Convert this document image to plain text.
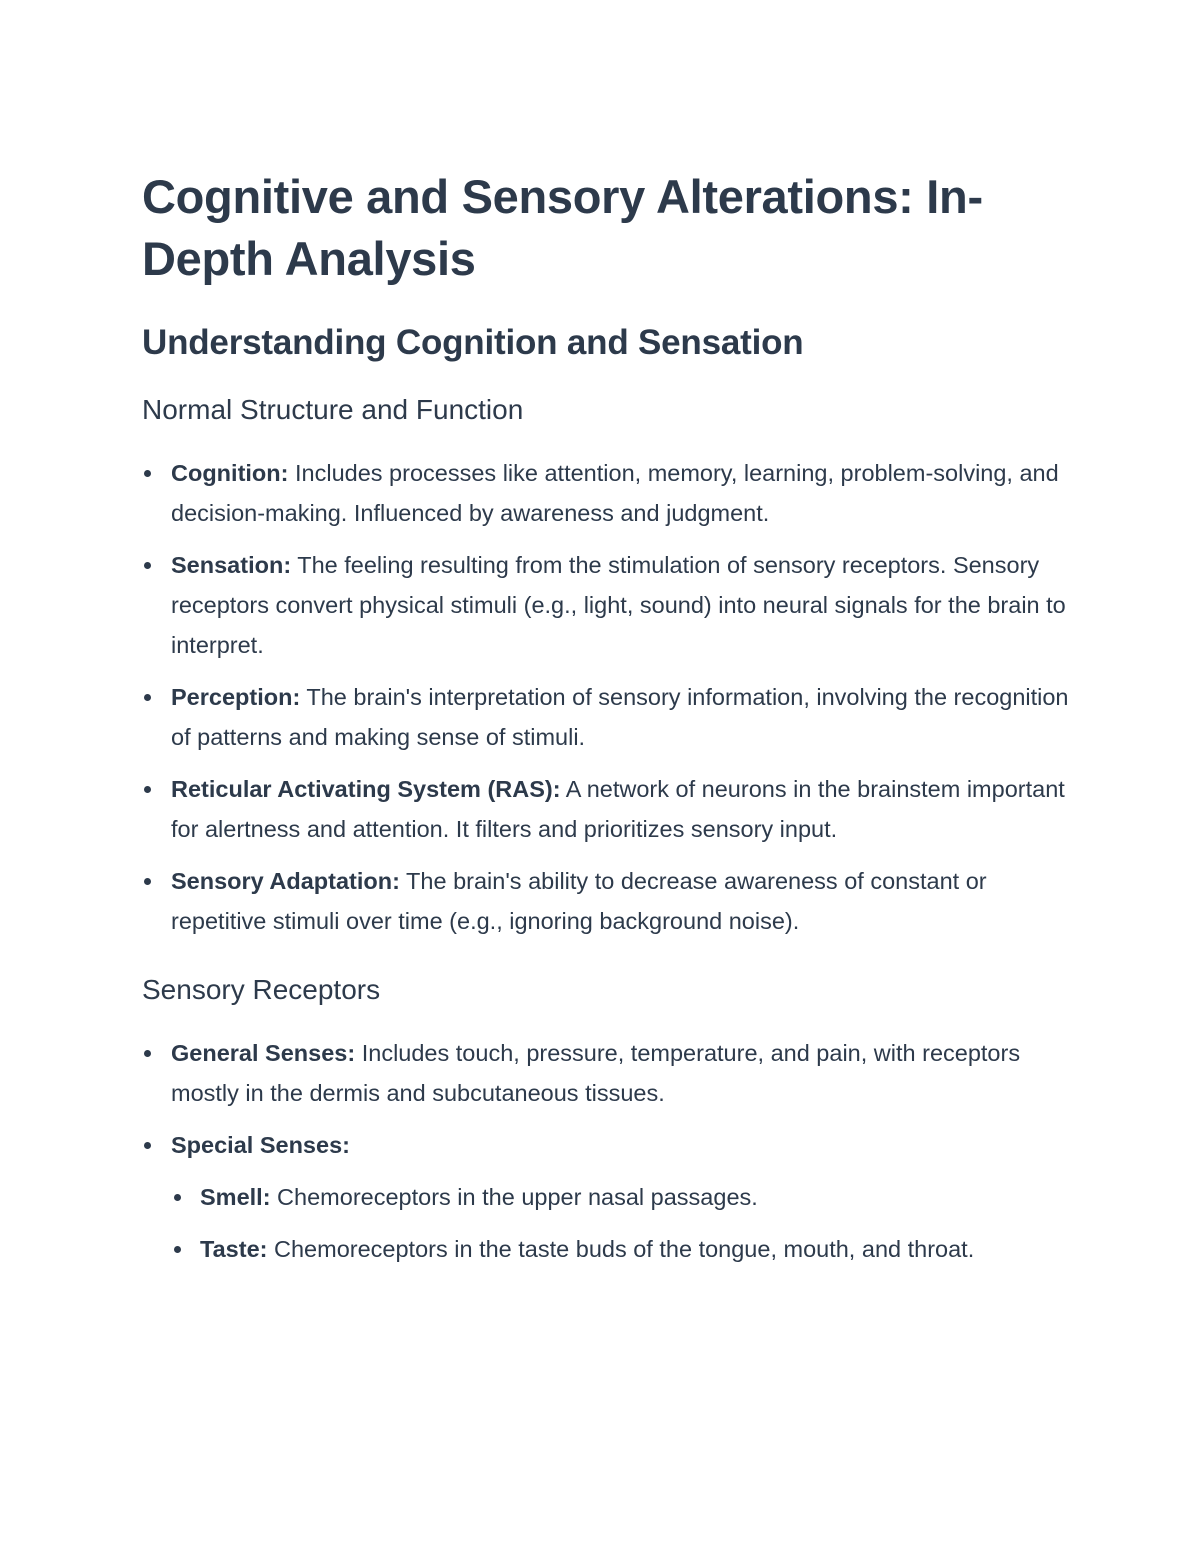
Cognitive and Sensory Alterations: In-Depth Analysis
Understanding Cognition and Sensation
Normal Structure and Function
Cognition: Includes processes like attention, memory, learning, problem-solving, and decision-making. Influenced by awareness and judgment.
Sensation: The feeling resulting from the stimulation of sensory receptors. Sensory receptors convert physical stimuli (e.g., light, sound) into neural signals for the brain to interpret.
Perception: The brain's interpretation of sensory information, involving the recognition of patterns and making sense of stimuli.
Reticular Activating System (RAS): A network of neurons in the brainstem important for alertness and attention. It filters and prioritizes sensory input.
Sensory Adaptation: The brain's ability to decrease awareness of constant or repetitive stimuli over time (e.g., ignoring background noise).
Sensory Receptors
General Senses: Includes touch, pressure, temperature, and pain, with receptors mostly in the dermis and subcutaneous tissues.
Special Senses:
Smell: Chemoreceptors in the upper nasal passages.
Taste: Chemoreceptors in the taste buds of the tongue, mouth, and throat.
